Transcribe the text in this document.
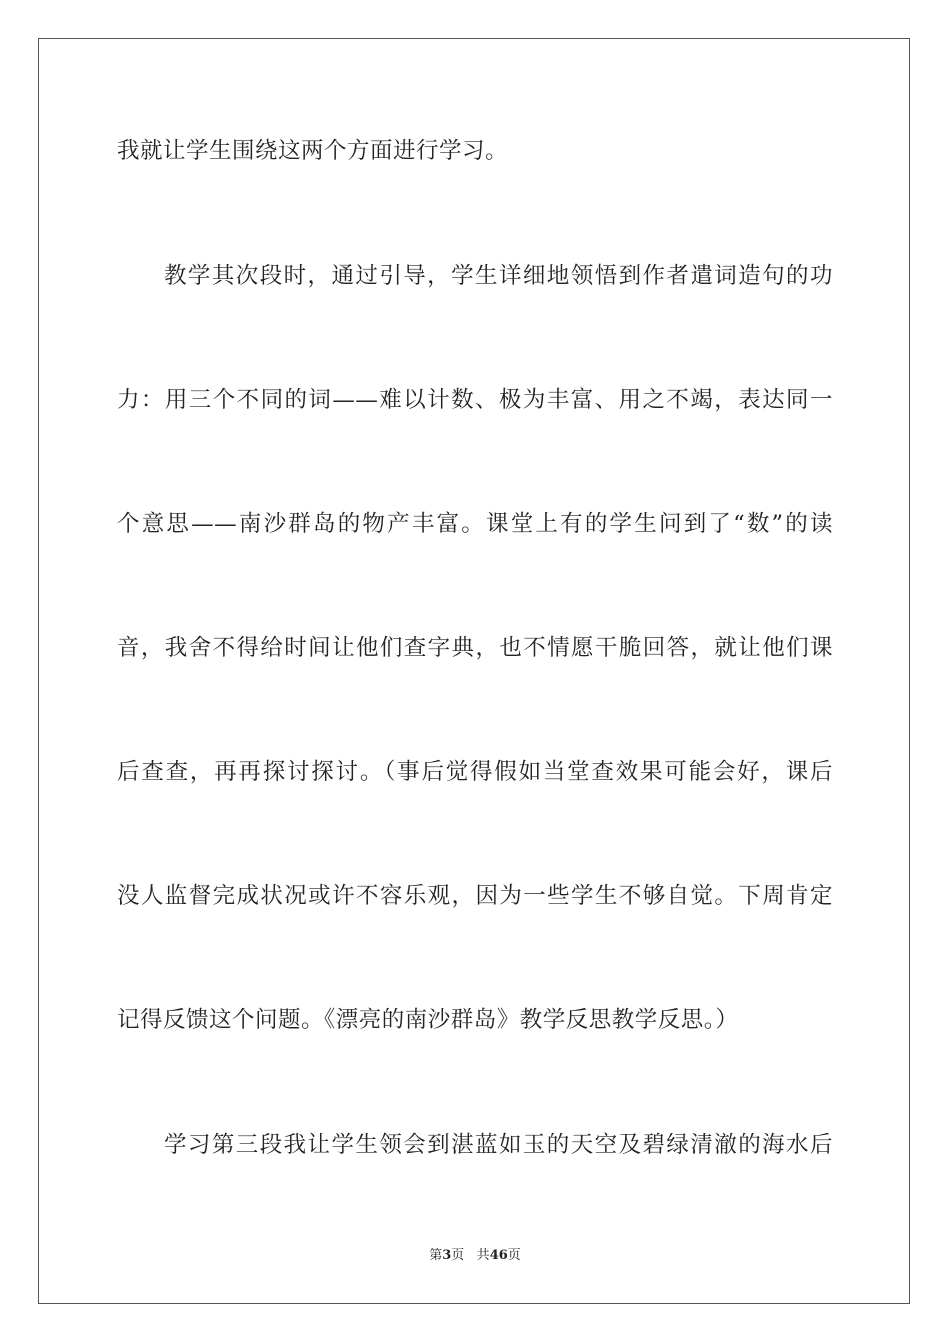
我就让学生围绕这两个方面进行学习。
教学其次段时，通过引导，学生详细地领悟到作者遣词造句的功
力：用三个不同的词——难以计数、极为丰富、用之不竭，表达同一
个意思——南沙群岛的物产丰富。课堂上有的学生问到了“数”的读
音，我舍不得给时间让他们查字典，也不情愿干脆回答，就让他们课
后查查，再再探讨探讨。（事后觉得假如当堂查效果可能会好，课后
没人监督完成状况或许不容乐观，因为一些学生不够自觉。下周肯定
记得反馈这个问题。《漂亮的南沙群岛》教学反思教学反思。）
学习第三段我让学生领会到湛蓝如玉的天空及碧绿清澈的海水后
第3页 共46页
